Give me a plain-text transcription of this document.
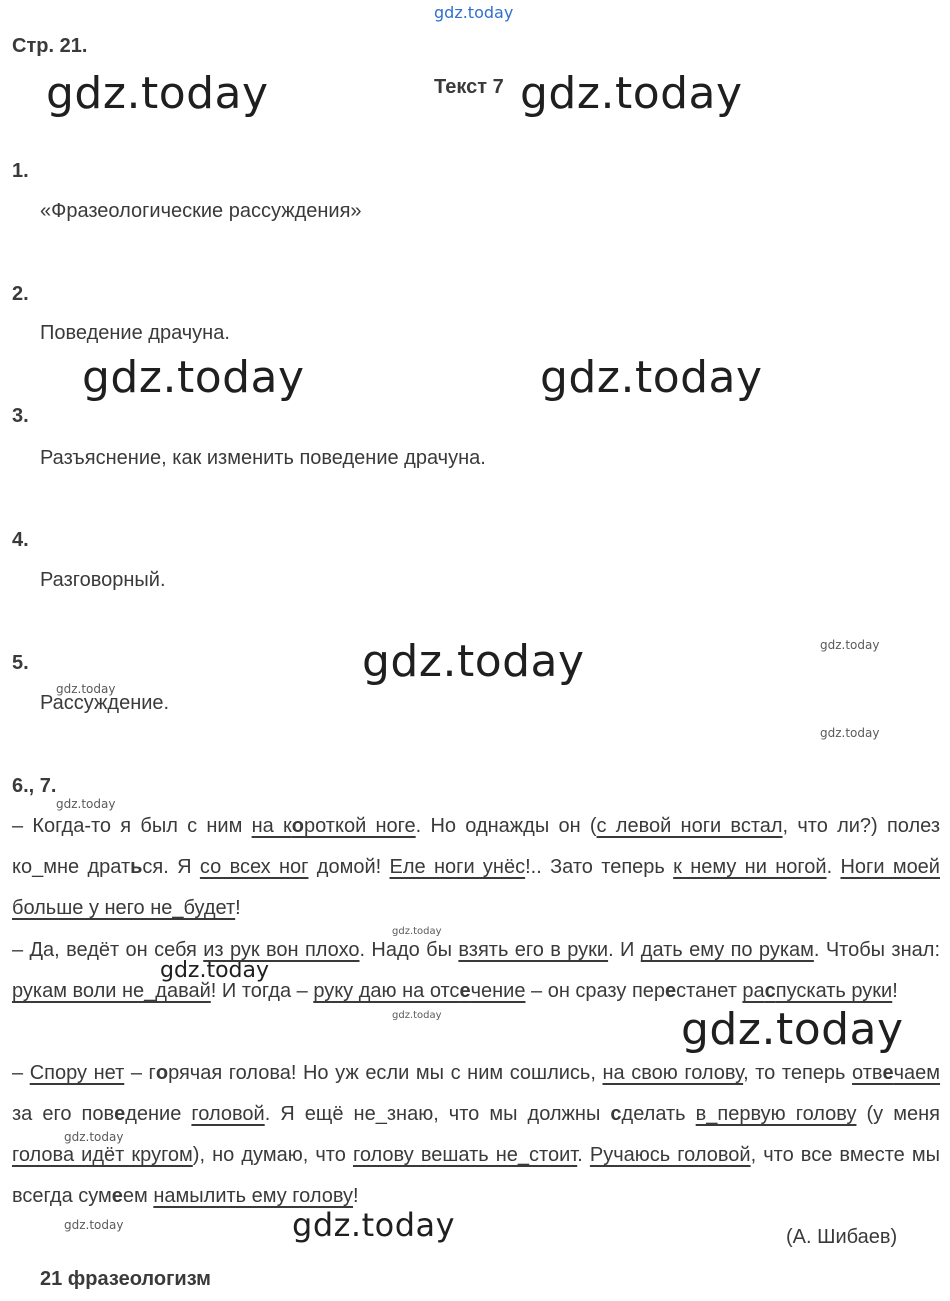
gdz.today
Стр. 21.
Текст 7
gdz.today	gdz.today
gdz.today	gdz.today
gdz.today
gdz.today
gdz.today
gdz.today
gdz.today
gdz.today
gdz.today
gdz.today
gdz.today
gdz.today
gdz.today
gdz.today
1.
«Фразеологические рассуждения»
2.
Поведение драчуна.
3.
Разъяснение, как изменить поведение драчуна.
4.
Разговорный.
5.
Рассуждение.
6., 7.

– Когда-то я был с ним на короткой ноге. Но однажды он (с левой ноги встал, что ли?) полез ко_мне драться. Я со всех ног домой! Еле ноги унёс!.. Зато теперь к нему ни ногой. Ноги моей больше у него не_будет!

– Да, ведёт он себя из рук вон плохо. Надо бы взять его в руки. И дать ему по рукам. Чтобы знал: рукам воли не_давай! И тогда – руку даю на отсечение – он сразу перестанет распускать руки!

– Спору нет – горячая голова! Но уж если мы с ним сошлись, на свою голову, то теперь отвечаем за его поведение головой. Я ещё не_знаю, что мы должны сделать в_первую голову (у меня голова идёт кругом), но думаю, что голову вешать не_стоит. Ручаюсь головой, что все вместе мы всегда сумеем намылить ему голову!

(А. Шибаев)
21 фразеологизм
